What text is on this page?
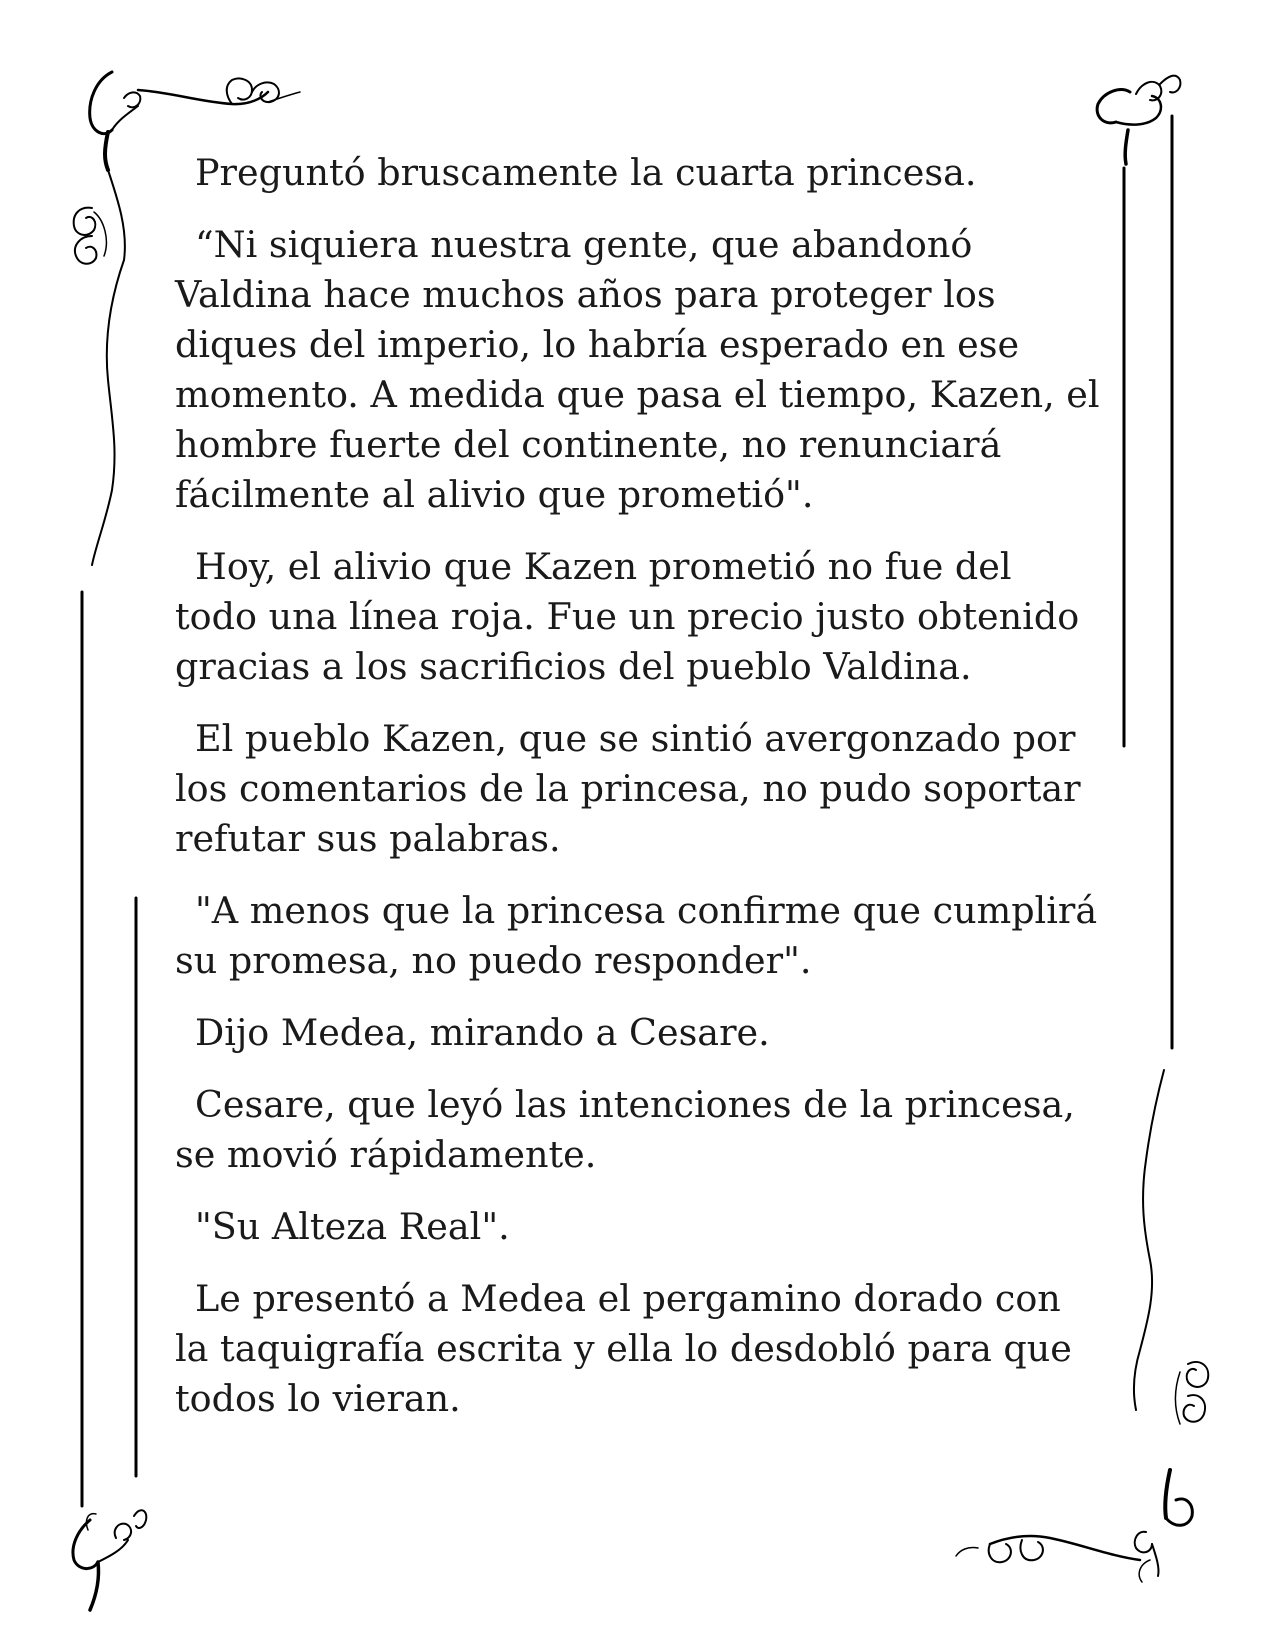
Preguntó bruscamente la cuarta princesa.

“Ni siquiera nuestra gente, que abandonó Valdina hace muchos años para proteger los diques del imperio, lo habría esperado en ese momento. A medida que pasa el tiempo, Kazen, el hombre fuerte del continente, no renunciará fácilmente al alivio que prometió".

Hoy, el alivio que Kazen prometió no fue del todo una línea roja. Fue un precio justo obtenido gracias a los sacrificios del pueblo Valdina.

El pueblo Kazen, que se sintió avergonzado por los comentarios de la princesa, no pudo soportar refutar sus palabras.

"A menos que la princesa confirme que cumplirá su promesa, no puedo responder".

Dijo Medea, mirando a Cesare.

Cesare, que leyó las intenciones de la princesa, se movió rápidamente.

"Su Alteza Real".

Le presentó a Medea el pergamino dorado con la taquigrafía escrita y ella lo desdobló para que todos lo vieran.
